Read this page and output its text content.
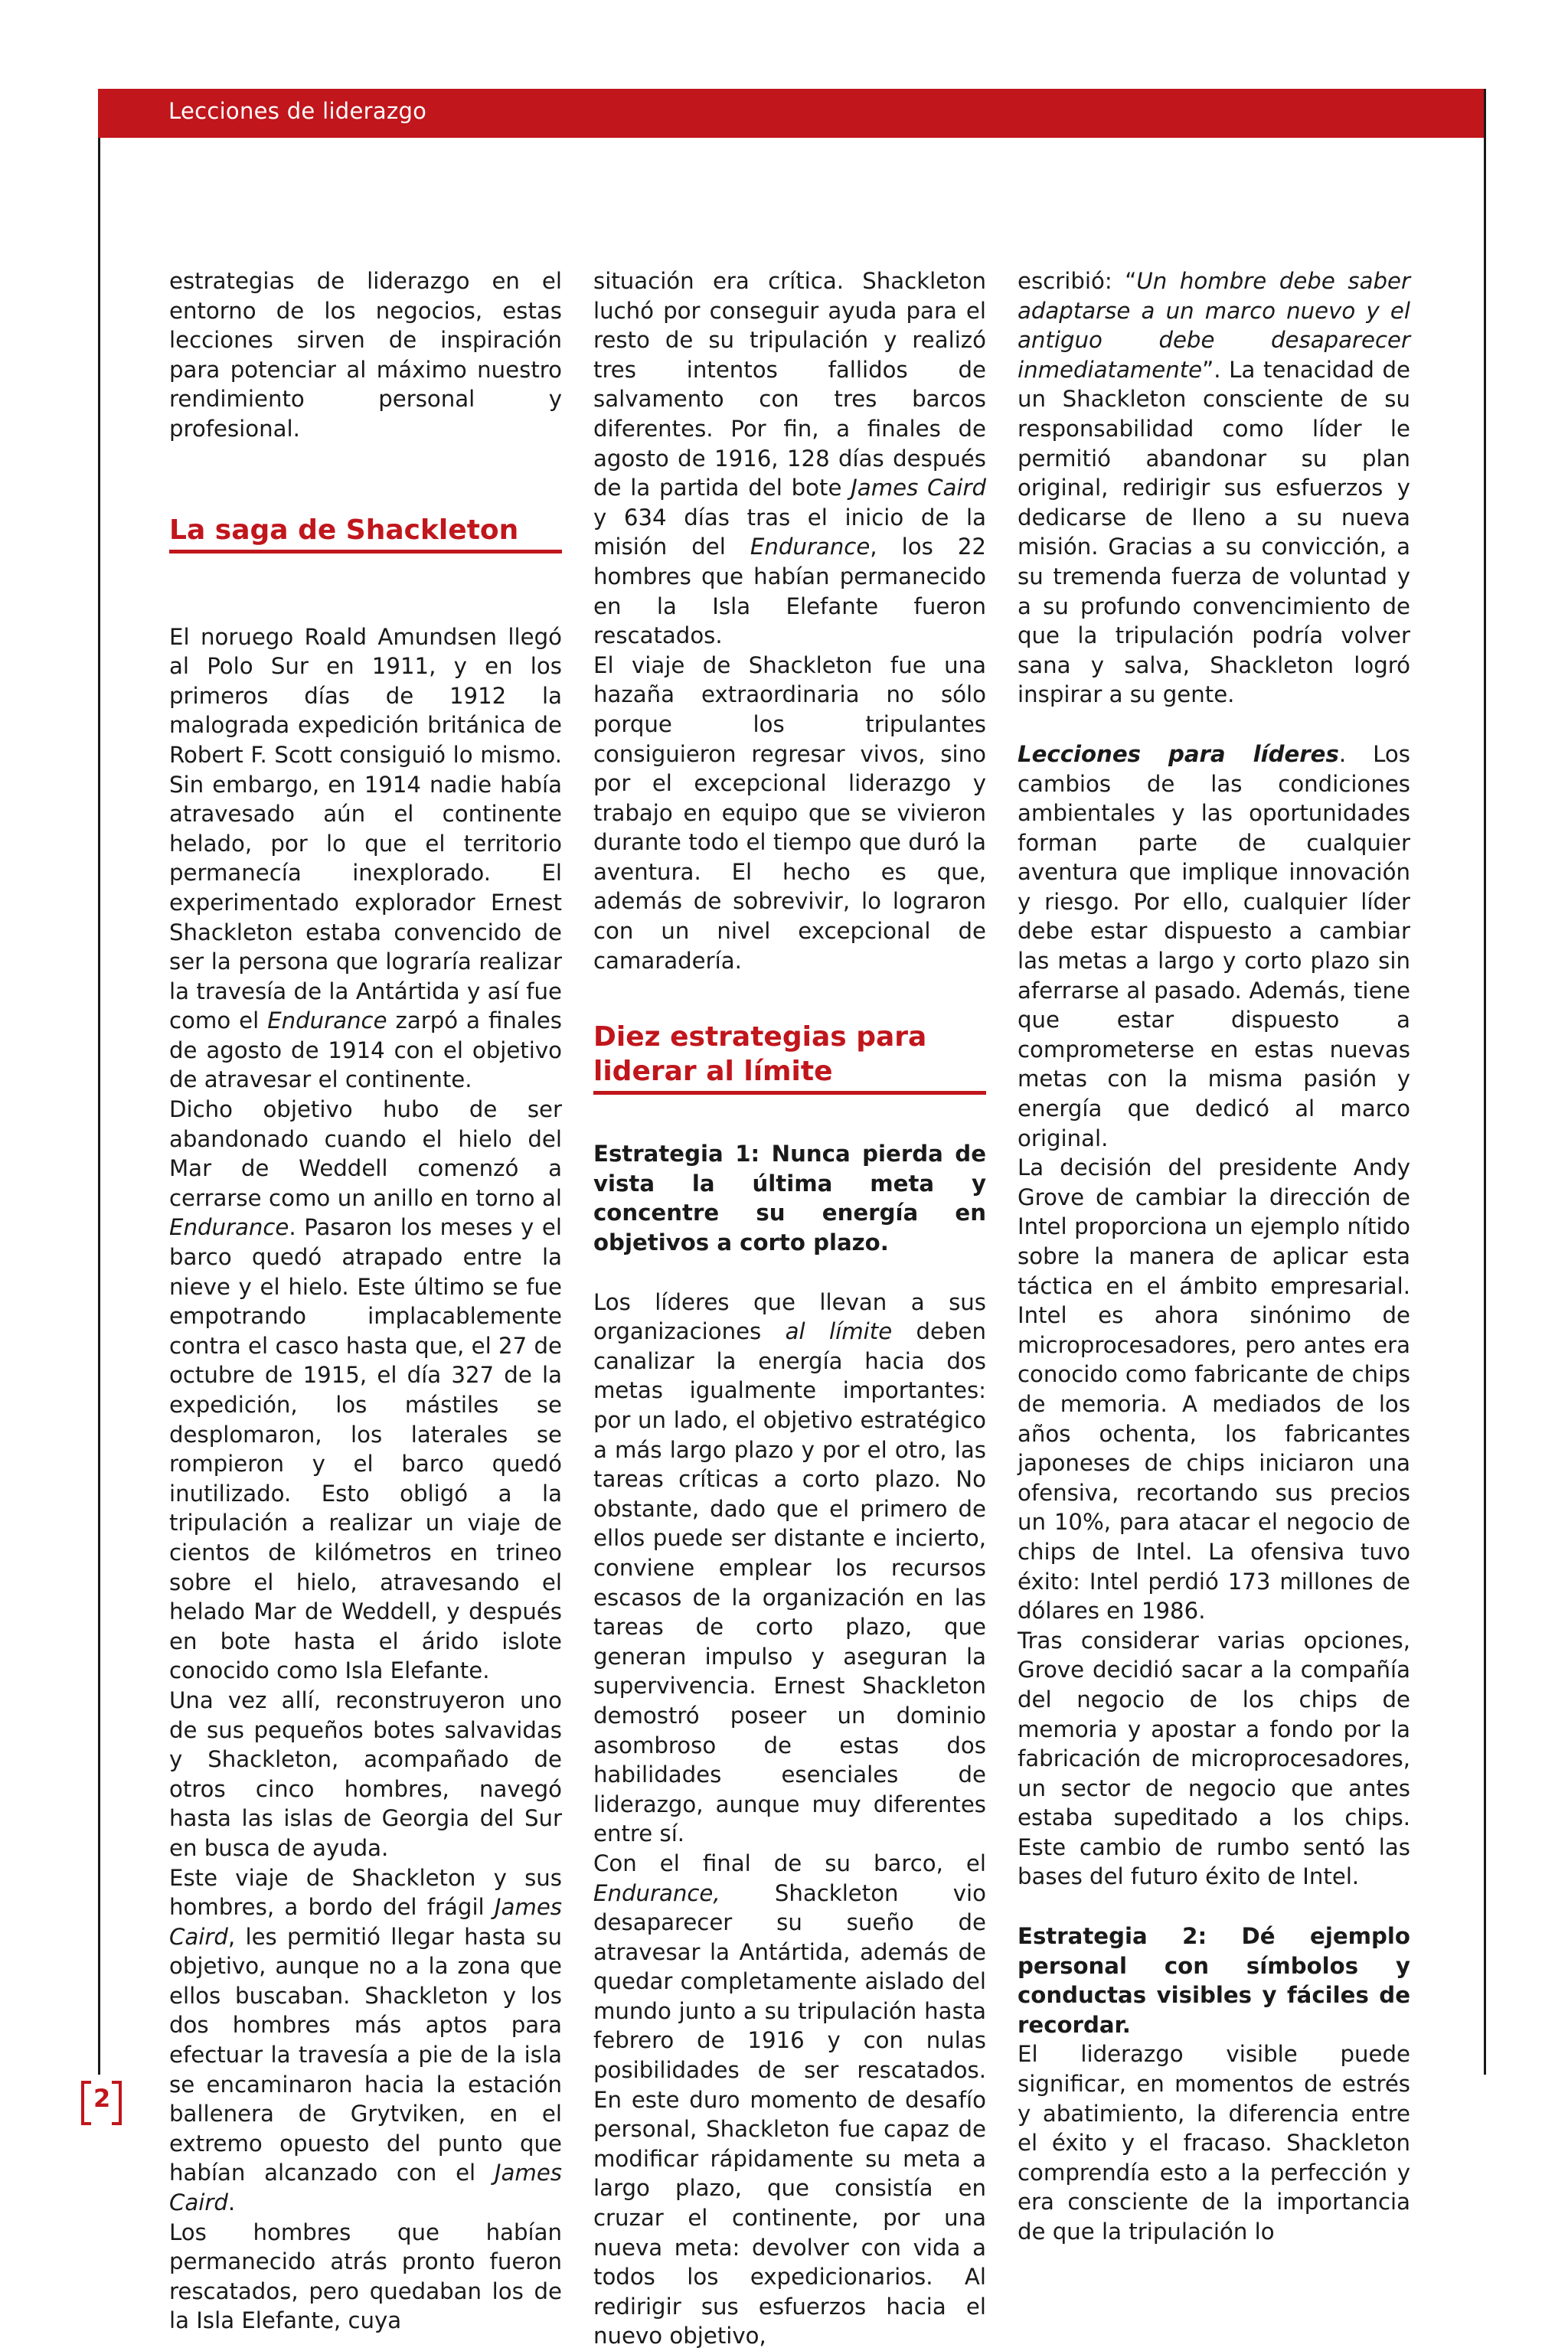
Lecciones de liderazgo

estrategias de liderazgo en el entorno de los negocios, estas lecciones sirven de inspiración para potenciar al máximo nuestro rendimiento personal y profesional.

La saga de Shackleton

El noruego Roald Amundsen llegó al Polo Sur en 1911, y en los primeros días de 1912 la malograda expedición británica de Robert F. Scott consiguió lo mismo. Sin embargo, en 1914 nadie había atravesado aún el continente helado, por lo que el territorio permanecía inexplorado. El experimentado explorador Ernest Shackleton estaba convencido de ser la persona que lograría realizar la travesía de la Antártida y así fue como el Endurance zarpó a finales de agosto de 1914 con el objetivo de atravesar el continente.

Dicho objetivo hubo de ser abandonado cuando el hielo del Mar de Weddell comenzó a cerrarse como un anillo en torno al Endurance. Pasaron los meses y el barco quedó atrapado entre la nieve y el hielo. Este último se fue empotrando implacablemente contra el casco hasta que, el 27 de octubre de 1915, el día 327 de la expedición, los mástiles se desplomaron, los laterales se rompieron y el barco quedó inutilizado. Esto obligó a la tripulación a realizar un viaje de cientos de kilómetros en trineo sobre el hielo, atravesando el helado Mar de Weddell, y después en bote hasta el árido islote conocido como Isla Elefante.

Una vez allí, reconstruyeron uno de sus pequeños botes salvavidas y Shackleton, acompañado de otros cinco hombres, navegó hasta las islas de Georgia del Sur en busca de ayuda.

Este viaje de Shackleton y sus hombres, a bordo del frágil James Caird, les permitió llegar hasta su objetivo, aunque no a la zona que ellos buscaban. Shackleton y los dos hombres más aptos para efectuar la travesía a pie de la isla se encaminaron hacia la estación ballenera de Grytviken, en el extremo opuesto del punto que habían alcanzado con el James Caird.

Los hombres que habían permanecido atrás pronto fueron rescatados, pero quedaban los de la Isla Elefante, cuya

situación era crítica. Shackleton luchó por conseguir ayuda para el resto de su tripulación y realizó tres intentos fallidos de salvamento con tres barcos diferentes. Por fin, a finales de agosto de 1916, 128 días después de la partida del bote James Caird y 634 días tras el inicio de la misión del Endurance, los 22 hombres que habían permanecido en la Isla Elefante fueron rescatados.

El viaje de Shackleton fue una hazaña extraordinaria no sólo porque los tripulantes consiguieron regresar vivos, sino por el excepcional liderazgo y trabajo en equipo que se vivieron durante todo el tiempo que duró la aventura. El hecho es que, además de sobrevivir, lo lograron con un nivel excepcional de camaradería.

Diez estrategias para liderar al límite

Estrategia 1: Nunca pierda de vista la última meta y concentre su energía en objetivos a corto plazo.

Los líderes que llevan a sus organizaciones al límite deben canalizar la energía hacia dos metas igualmente importantes: por un lado, el objetivo estratégico a más largo plazo y por el otro, las tareas críticas a corto plazo. No obstante, dado que el primero de ellos puede ser distante e incierto, conviene emplear los recursos escasos de la organización en las tareas de corto plazo, que generan impulso y aseguran la supervivencia. Ernest Shackleton demostró poseer un dominio asombroso de estas dos habilidades esenciales de liderazgo, aunque muy diferentes entre sí.

Con el final de su barco, el Endurance, Shackleton vio desaparecer su sueño de atravesar la Antártida, además de quedar completamente aislado del mundo junto a su tripulación hasta febrero de 1916 y con nulas posibilidades de ser rescatados. En este duro momento de desafío personal, Shackleton fue capaz de modificar rápidamente su meta a largo plazo, que consistía en cruzar el continente, por una nueva meta: devolver con vida a todos los expedicionarios. Al redirigir sus esfuerzos hacia el nuevo objetivo,

escribió: “Un hombre debe saber adaptarse a un marco nuevo y el antiguo debe desaparecer inmediatamente”. La tenacidad de un Shackleton consciente de su responsabilidad como líder le permitió abandonar su plan original, redirigir sus esfuerzos y dedicarse de lleno a su nueva misión. Gracias a su convicción, a su tremenda fuerza de voluntad y a su profundo convencimiento de que la tripulación podría volver sana y salva, Shackleton logró inspirar a su gente.

Lecciones para líderes. Los cambios de las condiciones ambientales y las oportunidades forman parte de cualquier aventura que implique innovación y riesgo. Por ello, cualquier líder debe estar dispuesto a cambiar las metas a largo y corto plazo sin aferrarse al pasado. Además, tiene que estar dispuesto a comprometerse en estas nuevas metas con la misma pasión y energía que dedicó al marco original.

La decisión del presidente Andy Grove de cambiar la dirección de Intel proporciona un ejemplo nítido sobre la manera de aplicar esta táctica en el ámbito empresarial. Intel es ahora sinónimo de microprocesadores, pero antes era conocido como fabricante de chips de memoria. A mediados de los años ochenta, los fabricantes japoneses de chips iniciaron una ofensiva, recortando sus precios un 10%, para atacar el negocio de chips de Intel. La ofensiva tuvo éxito: Intel perdió 173 millones de dólares en 1986.

Tras considerar varias opciones, Grove decidió sacar a la compañía del negocio de los chips de memoria y apostar a fondo por la fabricación de microprocesadores, un sector de negocio que antes estaba supeditado a los chips. Este cambio de rumbo sentó las bases del futuro éxito de Intel.

Estrategia 2: Dé ejemplo personal con símbolos y conductas visibles y fáciles de recordar.

El liderazgo visible puede significar, en momentos de estrés y abatimiento, la diferencia entre el éxito y el fracaso. Shackleton comprendía esto a la perfección y era consciente de la importancia de que la tripulación lo

2
